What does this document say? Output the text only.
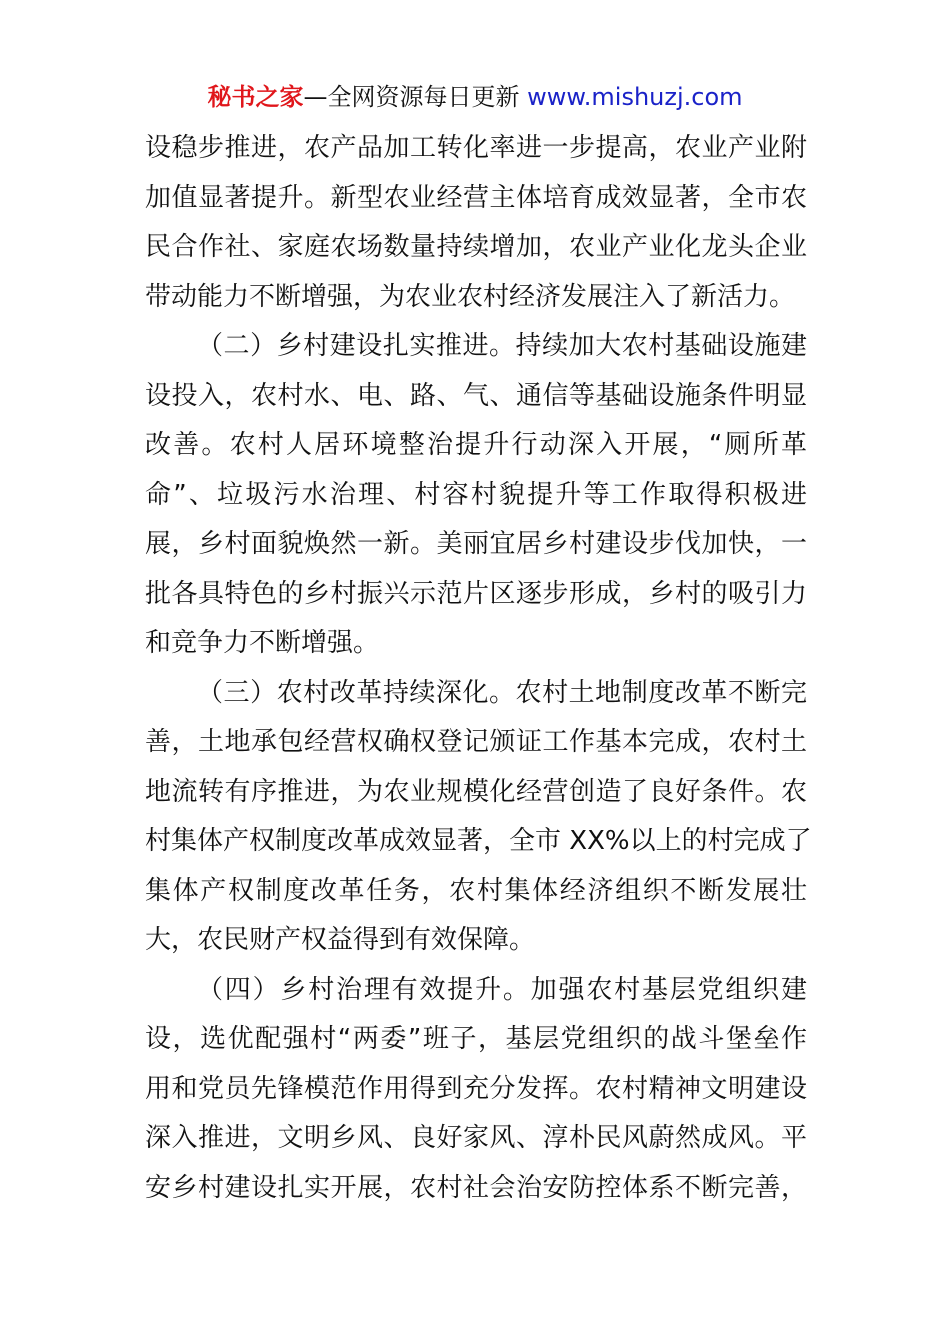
秘书之家—全网资源每日更新 www.mishuzj.com
设稳步推进，农产品加工转化率进一步提高，农业产业附
加值显著提升。新型农业经营主体培育成效显著，全市农
民合作社、家庭农场数量持续增加，农业产业化龙头企业
带动能力不断增强，为农业农村经济发展注入了新活力。
（二）乡村建设扎实推进。持续加大农村基础设施建
设投入，农村水、电、路、气、通信等基础设施条件明显
改善。农村人居环境整治提升行动深入开展，“厕所革
命”、垃圾污水治理、村容村貌提升等工作取得积极进
展，乡村面貌焕然一新。美丽宜居乡村建设步伐加快，一
批各具特色的乡村振兴示范片区逐步形成，乡村的吸引力
和竞争力不断增强。
（三）农村改革持续深化。农村土地制度改革不断完
善，土地承包经营权确权登记颁证工作基本完成，农村土
地流转有序推进，为农业规模化经营创造了良好条件。农
村集体产权制度改革成效显著，全市 XX%以上的村完成了
集体产权制度改革任务，农村集体经济组织不断发展壮
大，农民财产权益得到有效保障。
（四）乡村治理有效提升。加强农村基层党组织建
设，选优配强村“两委”班子，基层党组织的战斗堡垒作
用和党员先锋模范作用得到充分发挥。农村精神文明建设
深入推进，文明乡风、良好家风、淳朴民风蔚然成风。平
安乡村建设扎实开展，农村社会治安防控体系不断完善，
